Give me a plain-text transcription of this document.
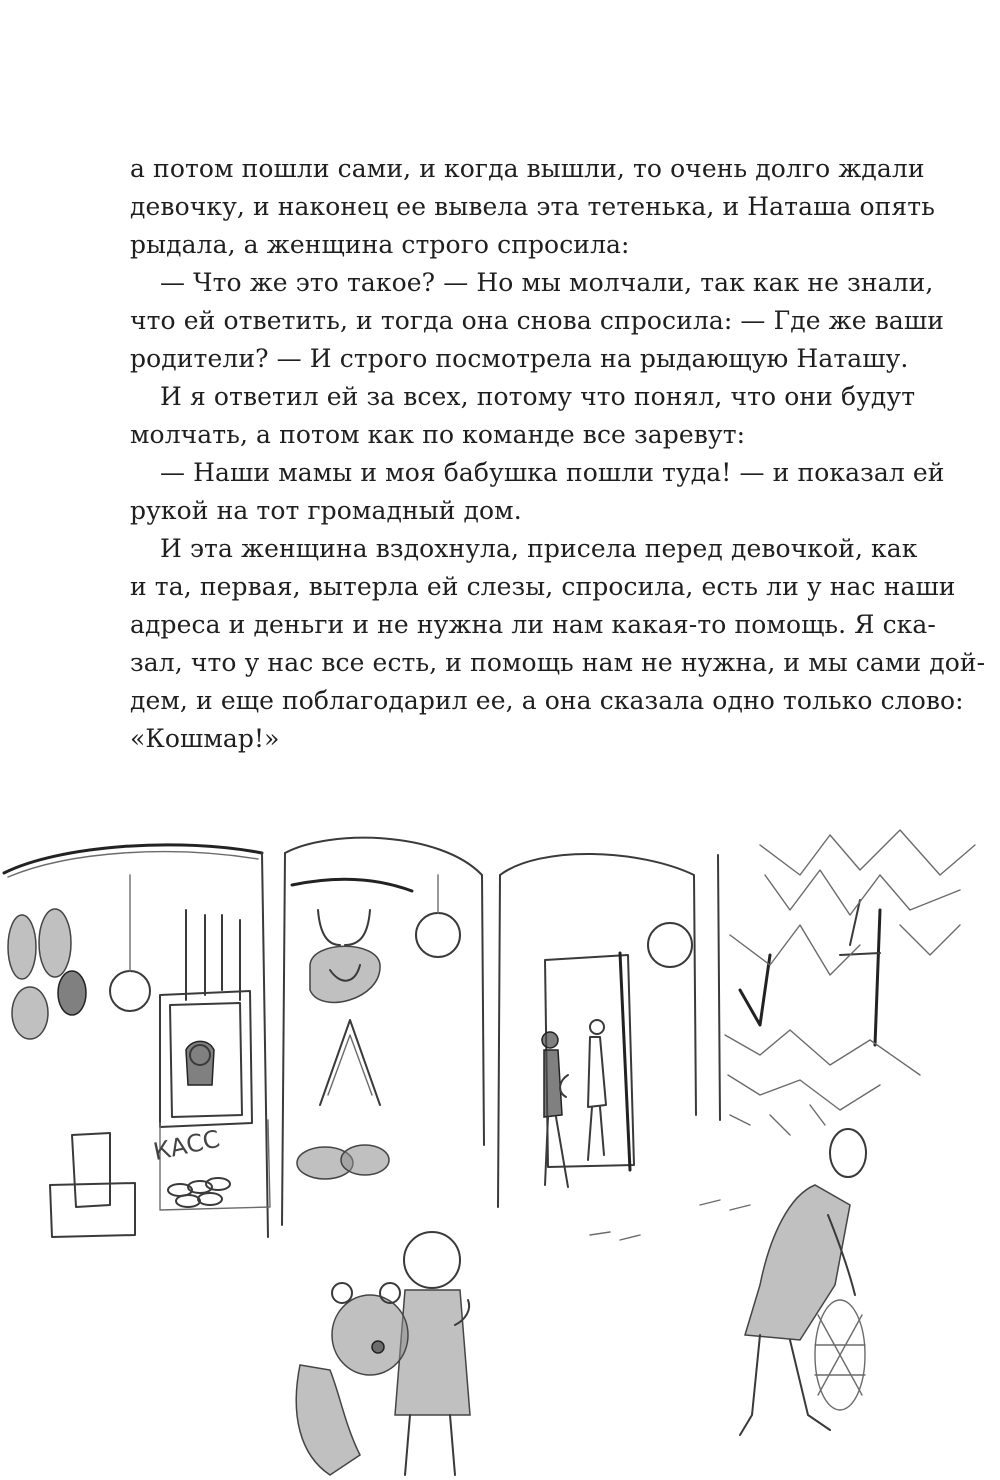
а потом пошли сами, и когда вышли, то очень долго ждали
девочку, и наконец ее вывела эта тетенька, и Наташа опять
рыдала, а женщина строго спросила:
— Что же это такое? — Но мы молчали, так как не знали,
что ей ответить, и тогда она снова спросила: — Где же ваши
родители? — И строго посмотрела на рыдающую Наташу.
И я ответил ей за всех, потому что понял, что они будут
молчать, а потом как по команде все заревут:
— Наши мамы и моя бабушка пошли туда! — и показал ей
рукой на тот громадный дом.
И эта женщина вздохнула, присела перед девочкой, как
и та, первая, вытерла ей слезы, спросила, есть ли у нас наши
адреса и деньги и не нужна ли нам какая-то помощь. Я ска-
зал, что у нас все есть, и помощь нам не нужна, и мы сами дой-
дем, и еще поблагодарил ее, а она сказала одно только слово:
«Кошмар!»
КАСС
